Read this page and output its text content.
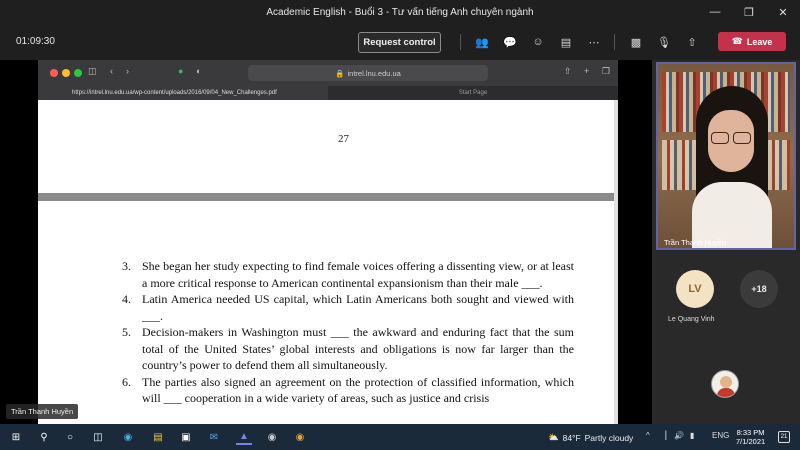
Academic English - Buổi 3 - Tư vấn tiếng Anh chuyên ngành	—	❐	✕
01:09:30	Request control	👥 💬 ☺ ▤ ⋯	▩ 🎙	⇧	☎ Leave
◫ ‹ ›	● ◐	🔒 intrel.lnu.edu.ua	⇧ + ❐
https://intrel.lnu.edu.ua/wp-content/uploads/2016/09/04_New_Challenges.pdf	Start Page
27
3. She began her study expecting to find female voices offering a dissenting view, or at least a more critical response to American continental expansionism than their male ___.
4. Latin America needed US capital, which Latin Americans both sought and viewed with ___.
5. Decision-makers in Washington must ___ the awkward and enduring fact that the sum total of the United States’ global interests and obligations is now far larger than the country’s power to defend them all simultaneously.
6. The parties also signed an agreement on the protection of classified information, which will ___ cooperation in a wide variety of areas, such as justice and crisis
Trần Thanh Huyền
Trần Thanh Huyền
LV	+18
Le Quang Vinh
⊞	⚲	○	◫	◉	▤	▣	✉	▲	◉	◉	⛅ 84°F Partly cloudy ^ ▕ 🔊 ▮ ENG 8:33 PM
7/1/2021	21
